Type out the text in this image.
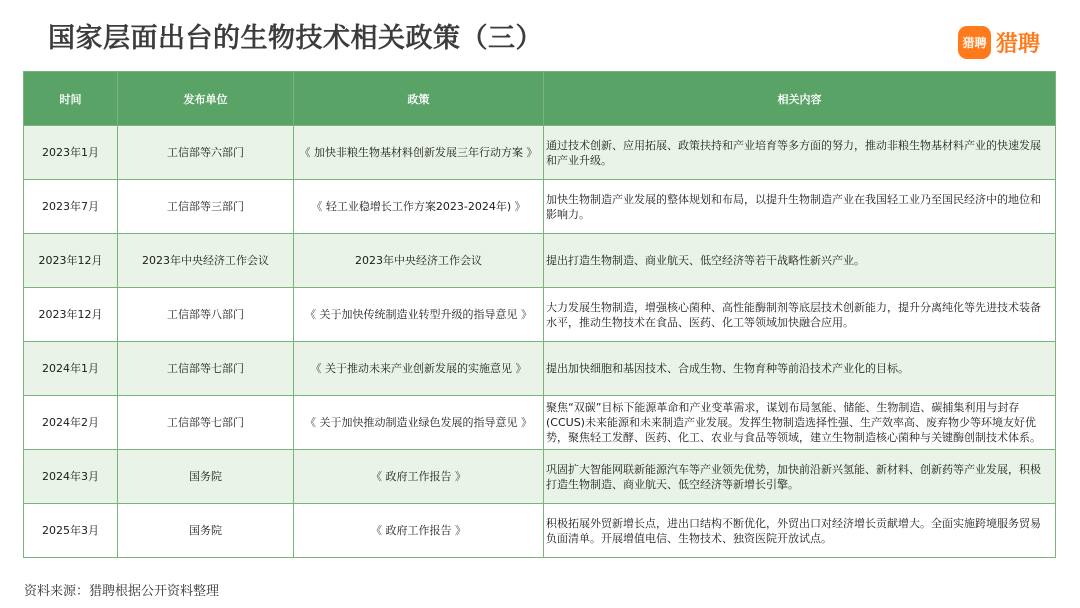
国家层面出台的生物技术相关政策（三）	猎聘 猎聘
时间	发布单位	政策	相关内容
2023年1月	工信部等六部门	《 加快非粮生物基材料创新发展三年行动方案 》	通过技术创新、应用拓展、政策扶持和产业培育等多方面的努力，推动非粮生物基材料产业的快速发展和产业升级。
2023年7月	工信部等三部门	《 轻工业稳增长工作方案2023-2024年) 》	加快生物制造产业发展的整体规划和布局，以提升生物制造产业在我国轻工业乃至国民经济中的地位和影响力。
2023年12月	2023年中央经济工作会议	2023年中央经济工作会议	提出打造生物制造、商业航天、低空经济等若干战略性新兴产业。
2023年12月	工信部等八部门	《 关于加快传统制造业转型升级的指导意见 》	大力发展生物制造，增强核心菌种、高性能酶制剂等底层技术创新能力，提升分离纯化等先进技术装备水平，推动生物技术在食品、医药、化工等领域加快融合应用。
2024年1月	工信部等七部门	《 关于推动未来产业创新发展的实施意见 》	提出加快细胞和基因技术、合成生物、生物育种等前沿技术产业化的目标。
2024年2月	工信部等七部门	《 关于加快推动制造业绿色发展的指导意见 》	聚焦“双碳”目标下能源革命和产业变革需求，谋划布局氢能、储能、生物制造、碳捕集利用与封存(CCUS)未来能源和未来制造产业发展。发挥生物制造选择性强、生产效率高、废弃物少等环境友好优势，聚焦轻工发酵、医药、化工、农业与食品等领域，建立生物制造核心菌种与关键酶创制技术体系。
2024年3月	国务院	《 政府工作报告 》	巩固扩大智能网联新能源汽车等产业领先优势，加快前沿新兴氢能、新材料、创新药等产业发展，积极打造生物制造、商业航天、低空经济等新增长引擎。
2025年3月	国务院	《 政府工作报告 》	积极拓展外贸新增长点，进出口结构不断优化，外贸出口对经济增长贡献增大。全面实施跨境服务贸易负面清单。开展增值电信、生物技术、独资医院开放试点。
资料来源：猎聘根据公开资料整理
